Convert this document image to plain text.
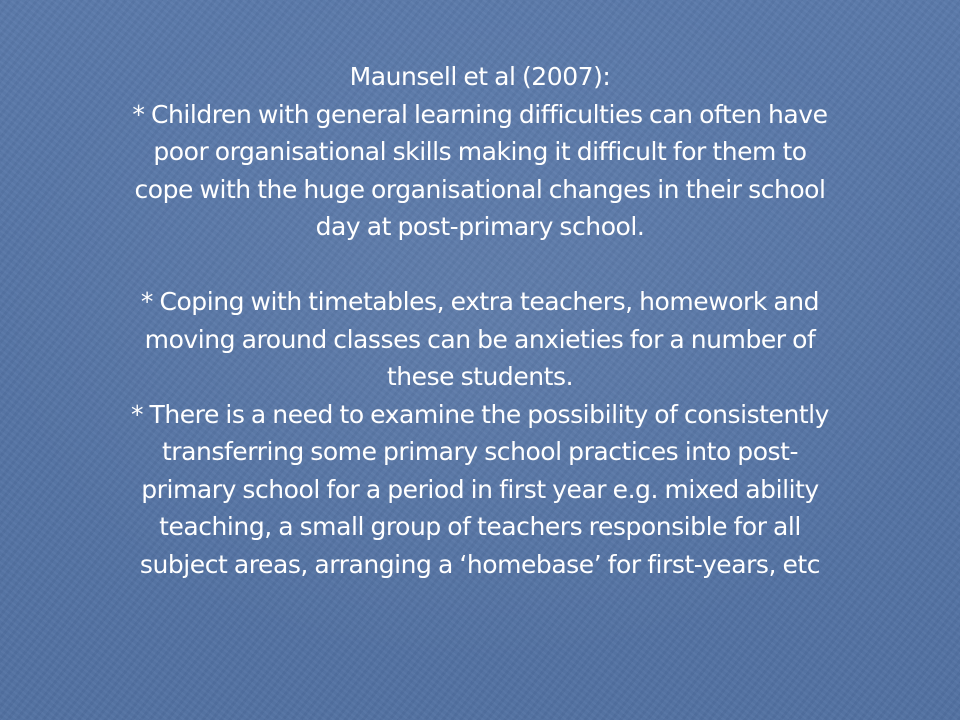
Maunsell et al (2007):
* Children with general learning difficulties can often have
poor organisational skills making it difficult for them to
cope with the huge organisational changes in their school
day at post-primary school.
* Coping with timetables, extra teachers, homework and
moving around classes can be anxieties for a number of
these students.
* There is a need to examine the possibility of consistently
transferring some primary school practices into post-
primary school for a period in first year e.g. mixed ability
teaching, a small group of teachers responsible for all
subject areas, arranging a ‘homebase’ for first-years, etc
